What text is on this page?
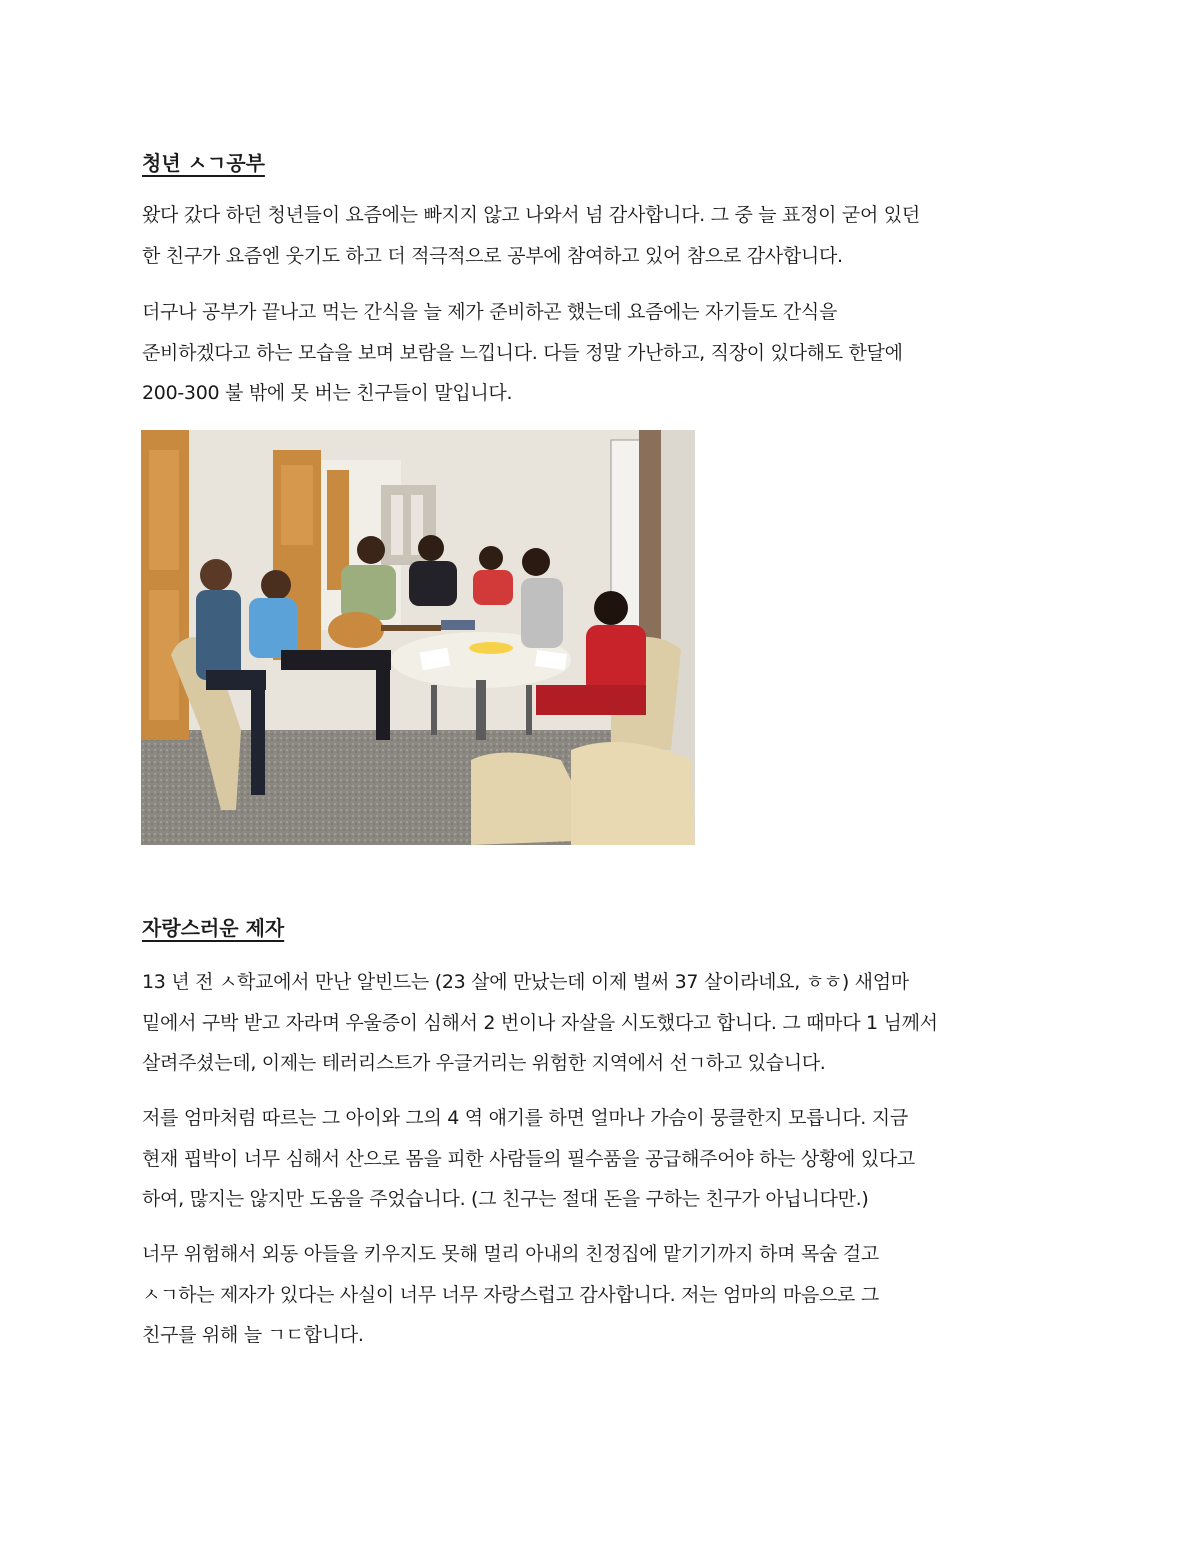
청년 ㅅㄱ공부

왔다 갔다 하던 청년들이 요즘에는 빠지지 않고 나와서 넘 감사합니다. 그 중 늘 표정이 굳어 있던
한 친구가 요즘엔 웃기도 하고 더 적극적으로 공부에 참여하고 있어 참으로 감사합니다.

더구나 공부가 끝나고 먹는 간식을 늘 제가 준비하곤 했는데 요즘에는 자기들도 간식을
준비하겠다고 하는 모습을 보며 보람을 느낍니다. 다들 정말 가난하고, 직장이 있다해도 한달에
200-300 불 밖에 못 버는 친구들이 말입니다.

자랑스러운 제자

13 년 전 ㅅ학교에서 만난 알빈드는 (23 살에 만났는데 이제 벌써 37 살이라네요, ㅎㅎ) 새엄마
밑에서 구박 받고 자라며 우울증이 심해서 2 번이나 자살을 시도했다고 합니다. 그 때마다 1 님께서
살려주셨는데, 이제는 테러리스트가 우글거리는 위험한 지역에서 선ㄱ하고 있습니다.

저를 엄마처럼 따르는 그 아이와 그의 4 역 얘기를 하면 얼마나 가슴이 뭉클한지 모릅니다. 지금
현재 핍박이 너무 심해서 산으로 몸을 피한 사람들의 필수품을 공급해주어야 하는 상황에 있다고
하여, 많지는 않지만 도움을 주었습니다. (그 친구는 절대 돈을 구하는 친구가 아닙니다만.)

너무 위험해서 외동 아들을 키우지도 못해 멀리 아내의 친정집에 맡기기까지 하며 목숨 걸고
ㅅㄱ하는 제자가 있다는 사실이 너무 너무 자랑스럽고 감사합니다. 저는 엄마의 마음으로 그
친구를 위해 늘 ㄱㄷ합니다.
